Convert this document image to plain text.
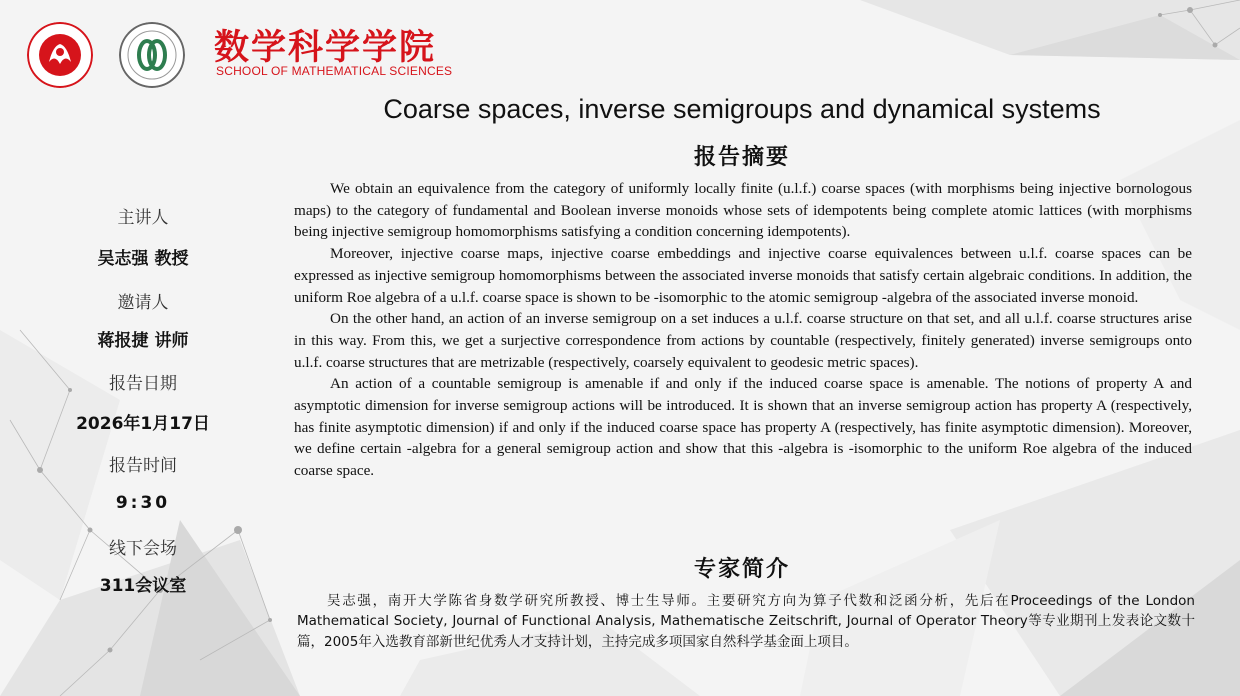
数学科学学院
SCHOOL OF MATHEMATICAL SCIENCES
Coarse spaces, inverse semigroups and dynamical systems
报告摘要

We obtain an equivalence from the category of uniformly locally finite (u.l.f.) coarse spaces (with morphisms being injective bornologous maps) to the category of fundamental and Boolean inverse monoids whose sets of idempotents being complete atomic lattices (with morphisms being injective semigroup homomorphisms satisfying a condition concerning idempotents).

Moreover, injective coarse maps, injective coarse embeddings and injective coarse equivalences between u.l.f. coarse spaces can be expressed as injective semigroup homomorphisms between the associated inverse monoids that satisfy certain algebraic conditions. In addition, the uniform Roe algebra of a u.l.f. coarse space is shown to be -isomorphic to the atomic semigroup -algebra of the associated inverse monoid.

On the other hand, an action of an inverse semigroup on a set induces a u.l.f. coarse structure on that set, and all u.l.f. coarse structures arise in this way. From this, we get a surjective correspondence from actions by countable (respectively, finitely generated) inverse semigroups onto u.l.f. coarse structures that are metrizable (respectively, coarsely equivalent to geodesic metric spaces).

An action of a countable semigroup is amenable if and only if the induced coarse space is amenable. The notions of property A and asymptotic dimension for inverse semigroup actions will be introduced. It is shown that an inverse semigroup action has property A (respectively, has finite asymptotic dimension) if and only if the induced coarse space has property A (respectively, has finite asymptotic dimension). Moreover, we define certain -algebra for a general semigroup action and show that this -algebra is -isomorphic to the uniform Roe algebra of the induced coarse space.

专家简介

吴志强，南开大学陈省身数学研究所教授、博士生导师。主要研究方向为算子代数和泛函分析，先后在Proceedings of the London Mathematical Society, Journal of Functional Analysis, Mathematische Zeitschrift, Journal of Operator Theory等专业期刊上发表论文数十篇，2005年入选教育部新世纪优秀人才支持计划，主持完成多项国家自然科学基金面上项目。

主讲人
吴志强 教授
邀请人
蒋报捷 讲师
报告日期
2026年1月17日
报告时间
9:30
线下会场
311会议室
